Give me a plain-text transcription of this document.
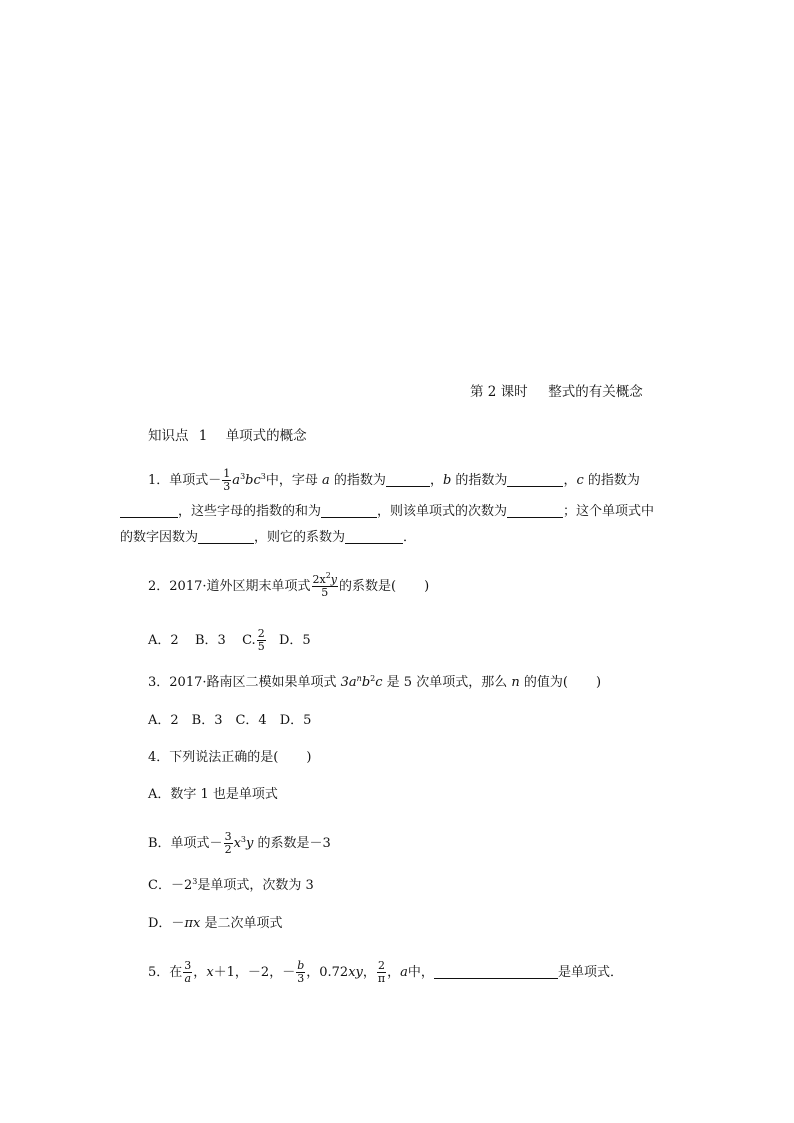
第 2 课时 整式的有关概念
知识点 1 单项式的概念
1．单项式－ $\frac{1}{3} a^3bc^3$中，字母 a 的指数为	，b 的指数为	，c 的指数为
，这些字母的指数的和为	，则该单项式的次数为	；这个单项式中
的数字因数为	，则它的系数为	．
2．2017·道外区期末单项式 $\frac{2x^2y}{5}$ 的系数是( )
A．2 B．3 C. $\frac{2}{5}$ D．5
3．2017·路南区二模如果单项式 $3a^nb^2c$ 是 5 次单项式，那么 n 的值为( )
A．2　B．3　C．4　D．5
4．下列说法正确的是( )
A．数字 1 也是单项式
B．单项式－ $\frac{3}{2} x^3y$ 的系数是－3
C．$-2^3$是单项式，次数为 3
D．－πx 是二次单项式
5．在 $\frac{3}{a}$ ，x＋1，－2，－ $\frac{b}{3}$ ，0.72xy， $\frac{2}{\pi}$ ，a中，	是单项式．
